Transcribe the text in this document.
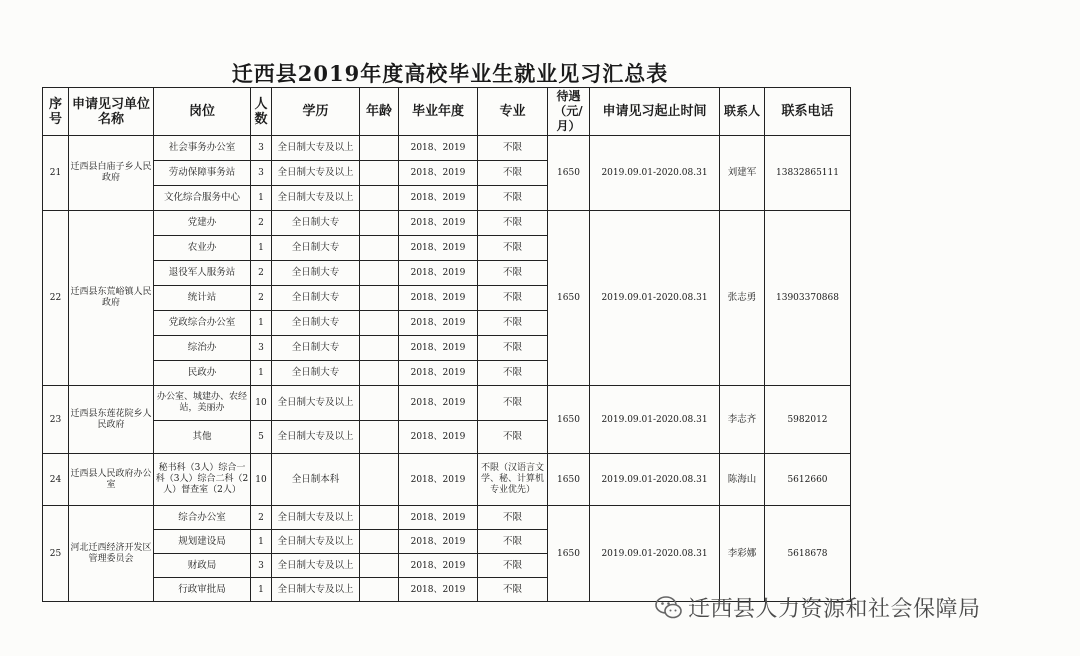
迁西县2019年度高校毕业生就业见习汇总表
序号	申请见习单位名称	岗位	人数	学历	年龄	毕业年度	专业	待遇（元/月）	申请见习起止时间	联系人	联系电话
21	迁西县白庙子乡人民政府	社会事务办公室	3	全日制大专及以上		2018、2019	不限	1650	2019.09.01-2020.08.31	刘建军	13832865111
		劳动保障事务站	3	全日制大专及以上		2018、2019	不限				
		文化综合服务中心	1	全日制大专及以上		2018、2019	不限				
22	迁西县东荒峪镇人民政府	党建办	2	全日制大专		2018、2019	不限	1650	2019.09.01-2020.08.31	张志勇	13903370868
		农业办	1	全日制大专		2018、2019	不限				
		退役军人服务站	2	全日制大专		2018、2019	不限				
		统计站	2	全日制大专		2018、2019	不限				
		党政综合办公室	1	全日制大专		2018、2019	不限				
		综治办	3	全日制大专		2018、2019	不限				
		民政办	1	全日制大专		2018、2019	不限				
23	迁西县东莲花院乡人民政府	办公室、城建办、农经站，美丽办	10	全日制大专及以上		2018、2019	不限	1650	2019.09.01-2020.08.31	李志齐	5982012
		其他	5	全日制大专及以上		2018、2019	不限				
24	迁西县人民政府办公室	秘书科（3人）综合一科（3人）综合二科（2人）督查室（2人）	10	全日制本科		2018、2019	不限（汉语言文学、秘、计算机专业优先）	1650	2019.09.01-2020.08.31	陈海山	5612660
25	河北迁西经济开发区管理委员会	综合办公室	2	全日制大专及以上		2018、2019	不限	1650	2019.09.01-2020.08.31	李彩娜	5618678
		规划建设局	1	全日制大专及以上		2018、2019	不限				
		财政局	3	全日制大专及以上		2018、2019	不限				
		行政审批局	1	全日制大专及以上		2018、2019	不限				
迁西县人力资源和社会保障局
